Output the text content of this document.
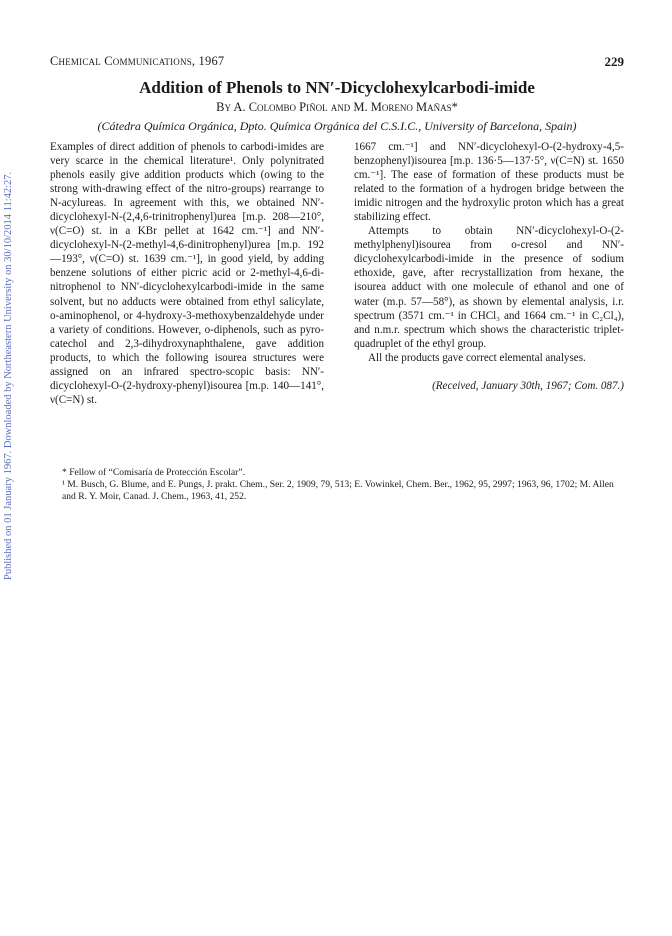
Published on 01 January 1967. Downloaded by Northeastern University on 30/10/2014 11:42:27.
Chemical Communications, 1967	229
Addition of Phenols to NN′-Dicyclohexylcarbodi-imide
By A. Colombo Piñol and M. Moreno Mañas*
(Cátedra Química Orgánica, Dpto. Química Orgánica del C.S.I.C., University of Barcelona, Spain)

Examples of direct addition of phenols to carbodi-imides are very scarce in the chemical literature¹. Only polynitrated phenols easily give addition products which (owing to the strong with-drawing effect of the nitro-groups) rearrange to N-acylureas. In agreement with this, we obtained NN′-dicyclohexyl-N-(2,4,6-trinitrophenyl)urea [m.p. 208—210°, ν(C=O) st. in a KBr pellet at 1642 cm.⁻¹] and NN′-dicyclohexyl-N-(2-methyl-4,6-dinitrophenyl)urea [m.p. 192—193°, ν(C=O) st. 1639 cm.⁻¹], in good yield, by adding benzene solutions of either picric acid or 2-methyl-4,6-di-nitrophenol to NN′-dicyclohexylcarbodi-imide in the same solvent, but no adducts were obtained from ethyl salicylate, o-aminophenol, or 4-hydroxy-3-methoxybenzaldehyde under a variety of conditions. However, o-diphenols, such as pyro-catechol and 2,3-dihydroxynaphthalene, gave addition products, to which the following isourea structures were assigned on an infrared spectro-scopic basis: NN′-dicyclohexyl-O-(2-hydroxy-phenyl)isourea [m.p. 140—141°, ν(C=N) st.

1667 cm.⁻¹] and NN′-dicyclohexyl-O-(2-hydroxy-4,5-benzophenyl)isourea [m.p. 136·5—137·5°, ν(C=N) st. 1650 cm.⁻¹]. The ease of formation of these products must be related to the formation of a hydrogen bridge between the imidic nitrogen and the hydroxylic proton which has a great stabilizing effect.

Attempts to obtain NN′-dicyclohexyl-O-(2-methylphenyl)isourea from o-cresol and NN′-dicyclohexylcarbodi-imide in the presence of sodium ethoxide, gave, after recrystallization from hexane, the isourea adduct with one molecule of ethanol and one of water (m.p. 57—58°), as shown by elemental analysis, i.r. spectrum (3571 cm.⁻¹ in CHCl₃ and 1664 cm.⁻¹ in C₂Cl₄), and n.m.r. spectrum which shows the characteristic triplet-quadruplet of the ethyl group.

All the products gave correct elemental analyses.

(Received, January 30th, 1967; Com. 087.)

* Fellow of “Comisaría de Protección Escolar”.

¹ M. Busch, G. Blume, and E. Pungs, J. prakt. Chem., Ser. 2, 1909, 79, 513; E. Vowinkel, Chem. Ber., 1962, 95, 2997; 1963, 96, 1702; M. Allen and R. Y. Moir, Canad. J. Chem., 1963, 41, 252.
